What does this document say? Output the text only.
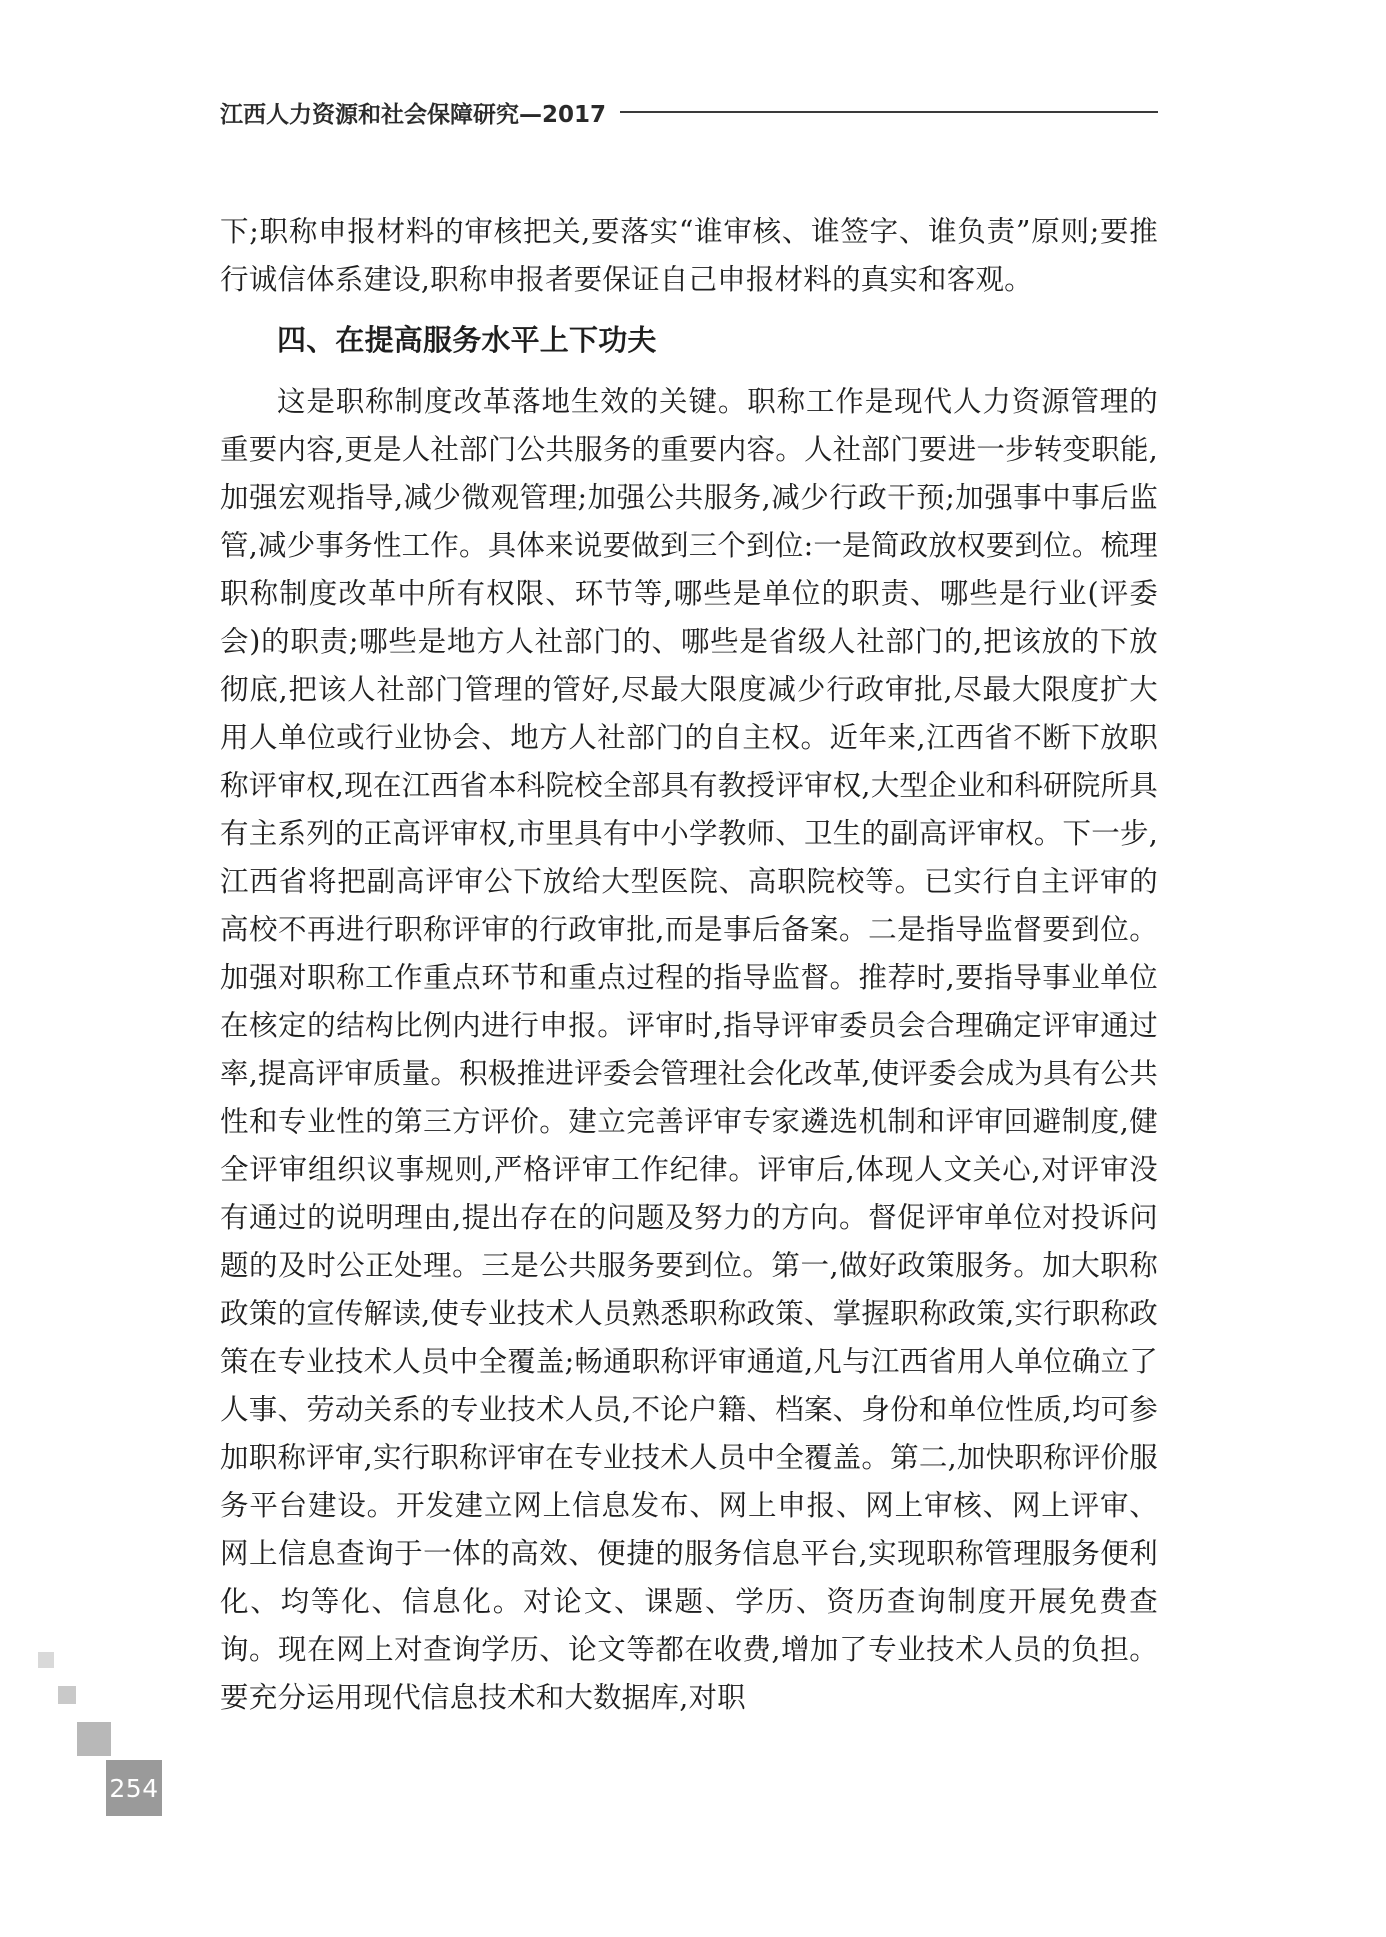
江西人力资源和社会保障研究—2017

下;职称申报材料的审核把关,要落实“谁审核、谁签字、谁负责”原则;要推行诚信体系建设,职称申报者要保证自己申报材料的真实和客观。

四、在提高服务水平上下功夫

这是职称制度改革落地生效的关键。职称工作是现代人力资源管理的重要内容,更是人社部门公共服务的重要内容。人社部门要进一步转变职能,加强宏观指导,减少微观管理;加强公共服务,减少行政干预;加强事中事后监管,减少事务性工作。具体来说要做到三个到位:一是简政放权要到位。梳理职称制度改革中所有权限、环节等,哪些是单位的职责、哪些是行业(评委会)的职责;哪些是地方人社部门的、哪些是省级人社部门的,把该放的下放彻底,把该人社部门管理的管好,尽最大限度减少行政审批,尽最大限度扩大用人单位或行业协会、地方人社部门的自主权。近年来,江西省不断下放职称评审权,现在江西省本科院校全部具有教授评审权,大型企业和科研院所具有主系列的正高评审权,市里具有中小学教师、卫生的副高评审权。下一步,江西省将把副高评审公下放给大型医院、高职院校等。已实行自主评审的高校不再进行职称评审的行政审批,而是事后备案。二是指导监督要到位。加强对职称工作重点环节和重点过程的指导监督。推荐时,要指导事业单位在核定的结构比例内进行申报。评审时,指导评审委员会合理确定评审通过率,提高评审质量。积极推进评委会管理社会化改革,使评委会成为具有公共性和专业性的第三方评价。建立完善评审专家遴选机制和评审回避制度,健全评审组织议事规则,严格评审工作纪律。评审后,体现人文关心,对评审没有通过的说明理由,提出存在的问题及努力的方向。督促评审单位对投诉问题的及时公正处理。三是公共服务要到位。第一,做好政策服务。加大职称政策的宣传解读,使专业技术人员熟悉职称政策、掌握职称政策,实行职称政策在专业技术人员中全覆盖;畅通职称评审通道,凡与江西省用人单位确立了人事、劳动关系的专业技术人员,不论户籍、档案、身份和单位性质,均可参加职称评审,实行职称评审在专业技术人员中全覆盖。第二,加快职称评价服务平台建设。开发建立网上信息发布、网上申报、网上审核、网上评审、网上信息查询于一体的高效、便捷的服务信息平台,实现职称管理服务便利化、均等化、信息化。对论文、课题、学历、资历查询制度开展免费查询。现在网上对查询学历、论文等都在收费,增加了专业技术人员的负担。要充分运用现代信息技术和大数据库,对职

254
